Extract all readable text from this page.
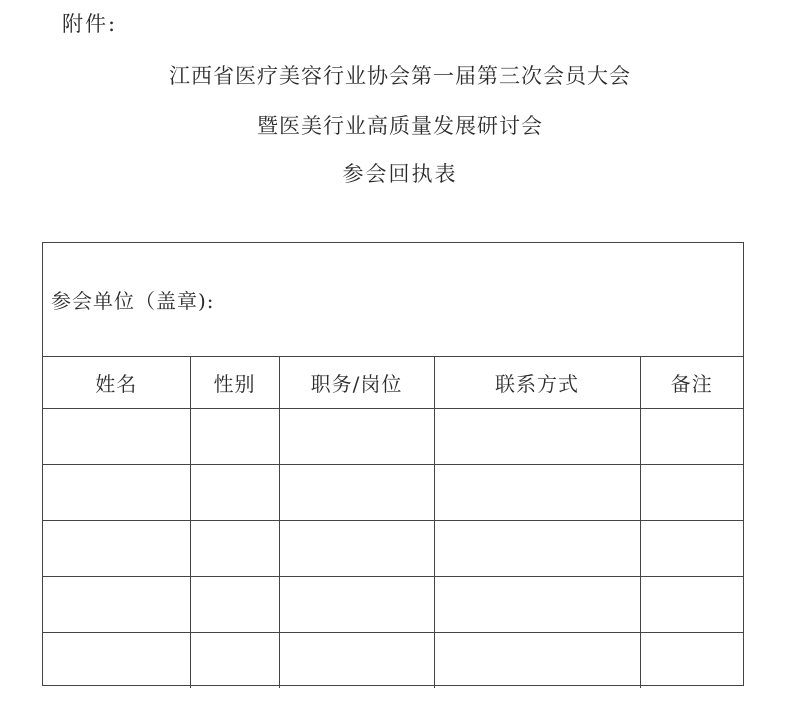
附件:
江西省医疗美容行业协会第一届第三次会员大会
暨医美行业高质量发展研讨会
参会回执表
参会单位（盖章):
姓名	性别	职务/岗位	联系方式	备注
